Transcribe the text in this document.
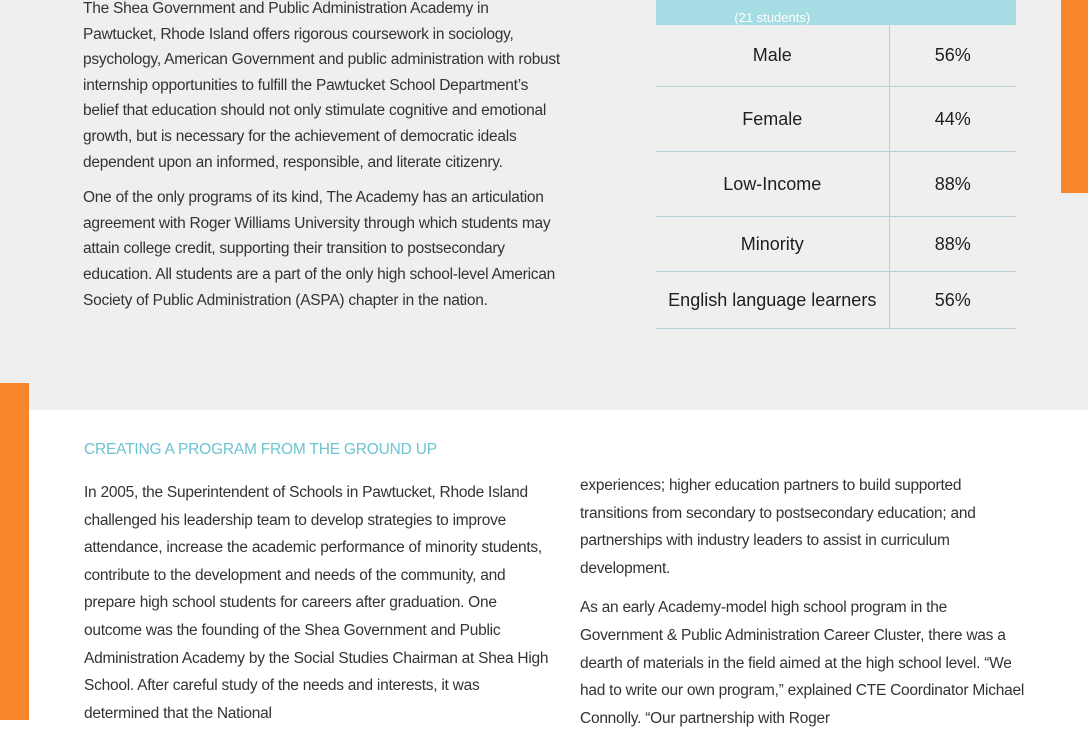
The Shea Government and Public Administration Academy in Pawtucket, Rhode Island offers rigorous coursework in sociology, psychology, American Government and public administration with robust internship opportunities to fulfill the Pawtucket School Department’s belief that education should not only stimulate cognitive and emotional growth, but is necessary for the achievement of democratic ideals dependent upon an informed, responsible, and literate citizenry.

One of the only programs of its kind, The Academy has an articulation agreement with Roger Williams University through which students may attain college credit, supporting their transition to postsecondary education. All students are a part of the only high school-level American Society of Public Administration (ASPA) chapter in the nation.

(21 students)	
Male	56%
Female	44%
Low-Income	88%
Minority	88%
English language learners	56%
CREATING A PROGRAM FROM THE GROUND UP

In 2005, the Superintendent of Schools in Pawtucket, Rhode Island challenged his leadership team to develop strategies to improve attendance, increase the academic performance of minority students, contribute to the development and needs of the community, and prepare high school students for careers after graduation. One outcome was the founding of the Shea Government and Public Administration Academy by the Social Studies Chairman at Shea High School. After careful study of the needs and interests, it was determined that the National

experiences; higher education partners to build supported transitions from secondary to postsecondary education; and partnerships with industry leaders to assist in curriculum development.

As an early Academy-model high school program in the Government & Public Administration Career Cluster, there was a dearth of materials in the field aimed at the high school level. “We had to write our own program,” explained CTE Coordinator Michael Connolly. “Our partnership with Roger
